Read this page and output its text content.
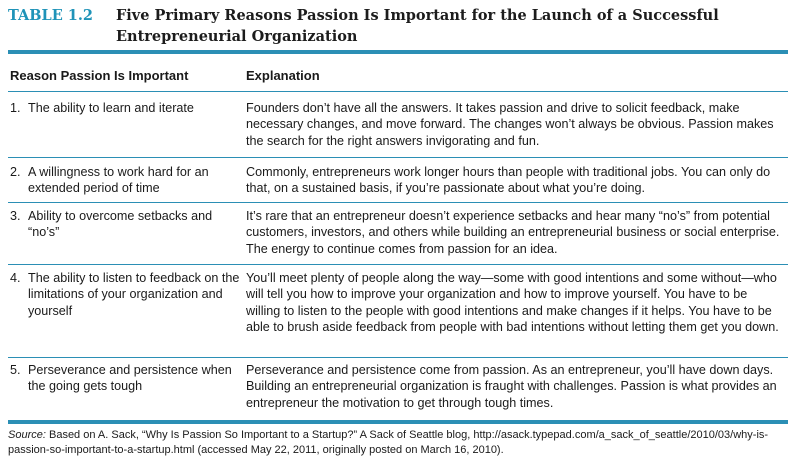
TABLE 1.2 Five Primary Reasons Passion Is Important for the Launch of a Successful
Entrepreneurial Organization
Reason Passion Is Important	Explanation
1. The ability to learn and iterate	Founders don’t have all the answers. It takes passion and drive to solicit feedback, make necessary changes, and move forward. The changes won’t always be obvious. Passion makes the search for the right answers invigorating and fun.
2. A willingness to work hard for an extended period of time
Commonly, entrepreneurs work longer hours than people with traditional jobs. You can only do that, on a sustained basis, if you’re passionate about what you’re doing.
3. Ability to overcome setbacks and “no’s”
It’s rare that an entrepreneur doesn’t experience setbacks and hear many “no’s” from potential customers, investors, and others while building an entrepreneurial business or social enterprise. The energy to continue comes from passion for an idea.
4. The ability to listen to feedback on the limitations of your organization and yourself
You’ll meet plenty of people along the way—some with good intentions and some without—who will tell you how to improve your organization and how to improve yourself. You have to be willing to listen to the people with good intentions and make changes if it helps. You have to be able to brush aside feedback from people with bad intentions without letting them get you down.
5. Perseverance and persistence when the going gets tough
Perseverance and persistence come from passion. As an entrepreneur, you’ll have down days. Building an entrepreneurial organization is fraught with challenges. Passion is what provides an entrepreneur the motivation to get through tough times.
Source: Based on A. Sack, “Why Is Passion So Important to a Startup?” A Sack of Seattle blog, http://asack.typepad.com/a_sack_of_seattle/2010/03/why-is-passion-so-important-to-a-startup.html (accessed May 22, 2011, originally posted on March 16, 2010).
